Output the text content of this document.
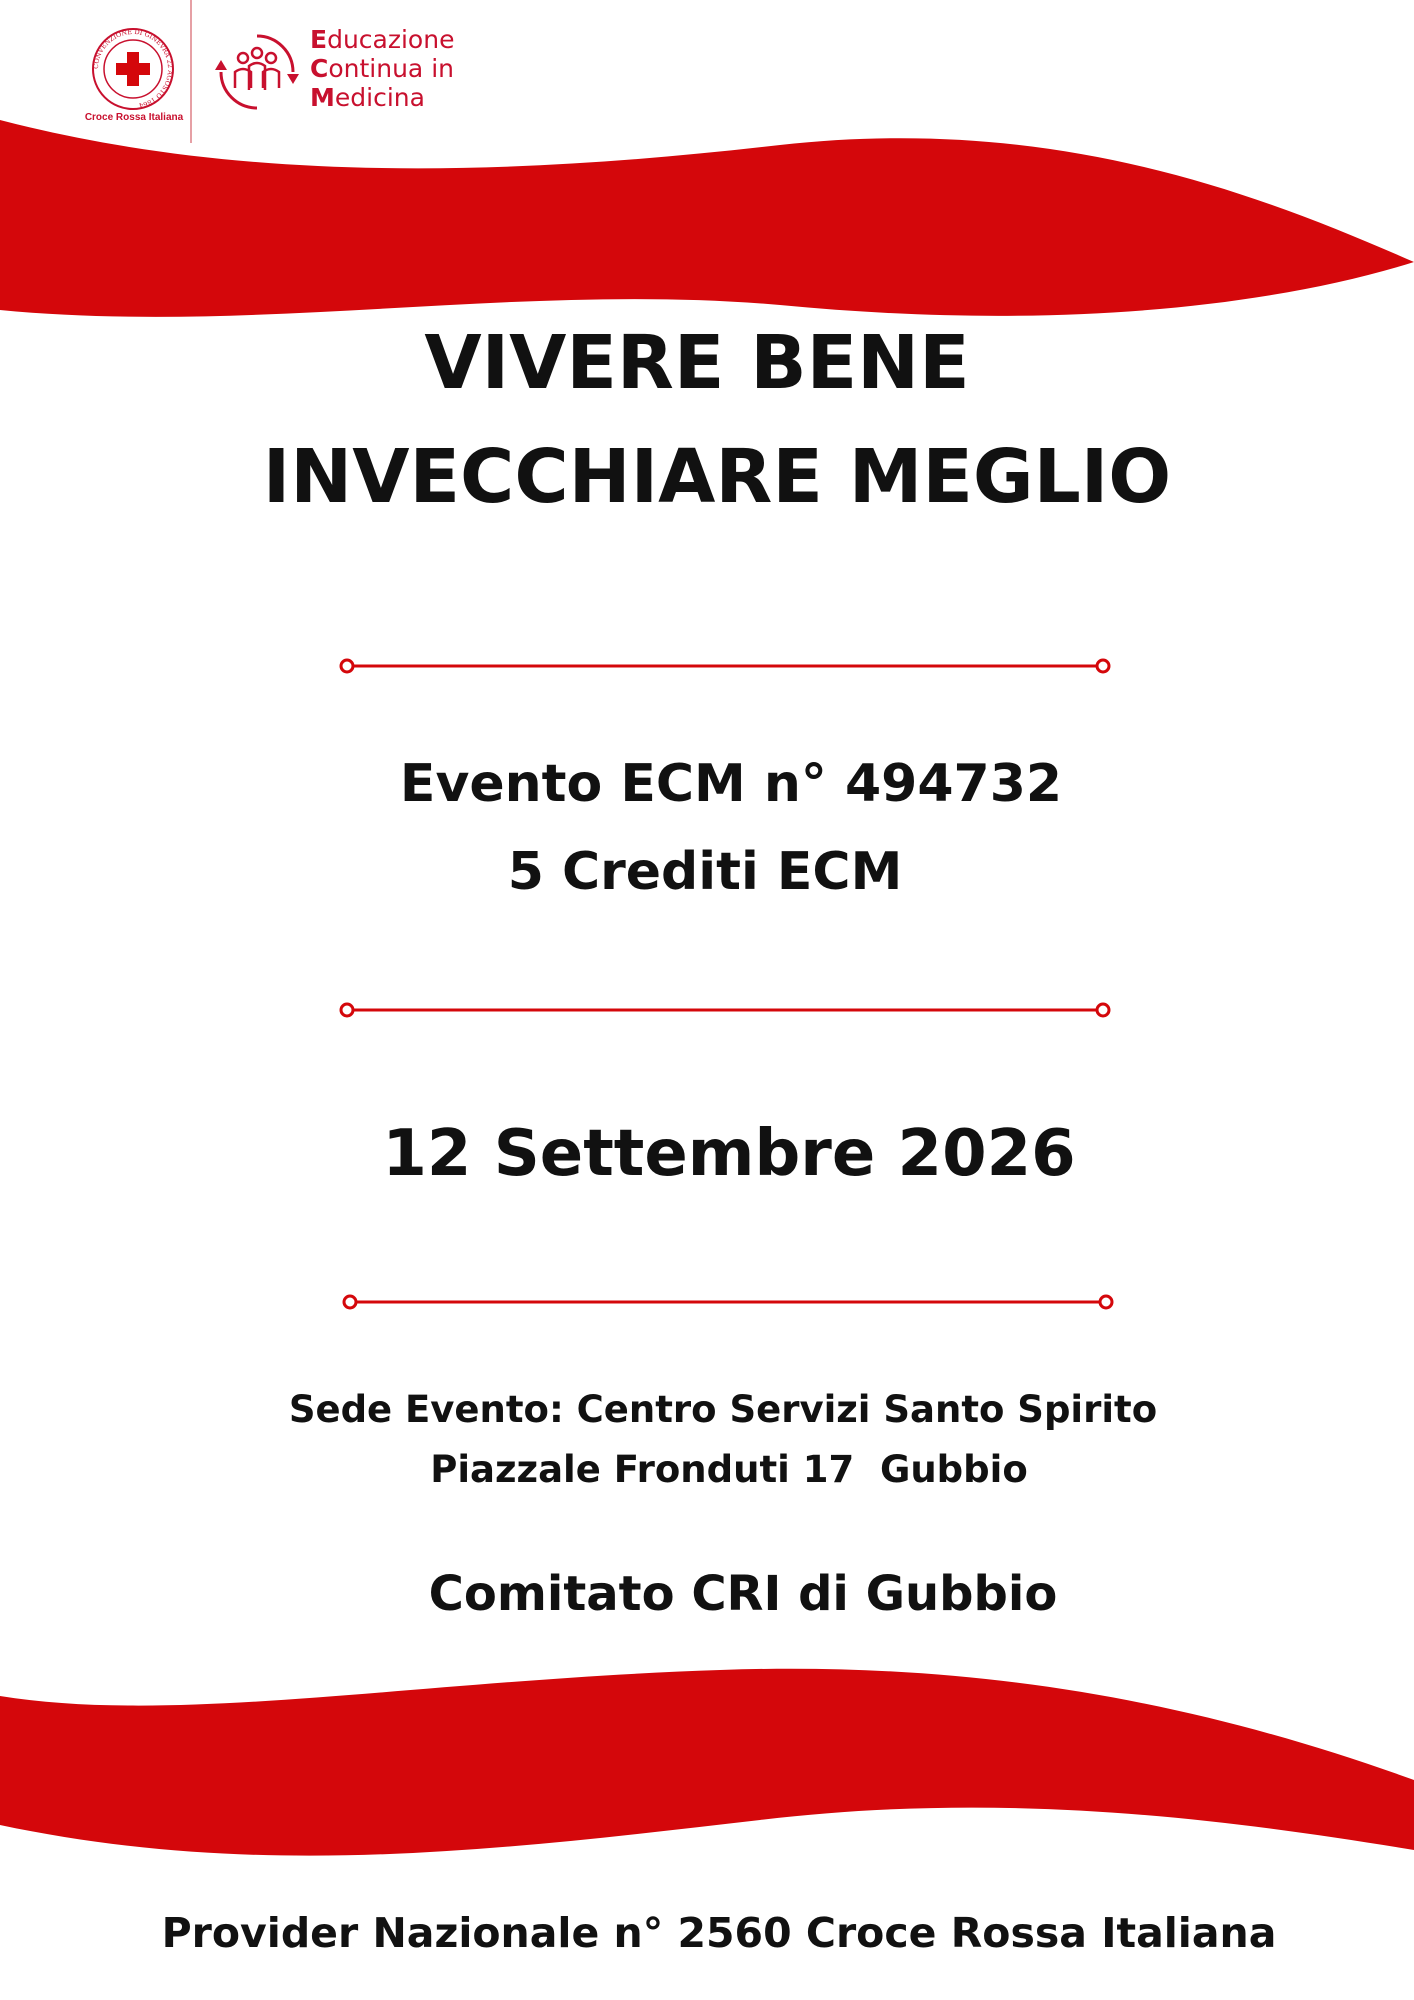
CONVENZIONE DI GINEVRA 22 AGOSTO 1864
Croce Rossa Italiana
Educazione
Continua in
Medicina
VIVERE BENE
INVECCHIARE MEGLIO
Evento ECM n° 494732
5 Crediti ECM
12 Settembre 2026
Sede Evento: Centro Servizi Santo Spirito
Piazzale Fronduti 17  Gubbio
Comitato CRI di Gubbio
Provider Nazionale n° 2560 Croce Rossa Italiana
